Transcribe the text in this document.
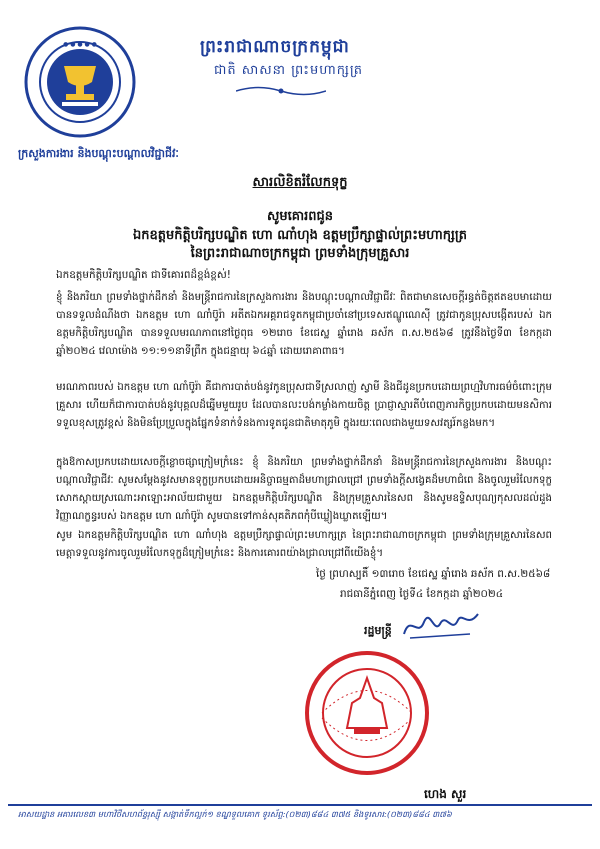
● ● ● ● ●	ព្រះរាជាណាចក្រកម្ពុជា
ជាតិ សាសនា ព្រះមហាក្សត្រ
ក្រសួងការងារ និងបណ្តុះបណ្តាលវិជ្ជាជីវៈ
សារលិខិតរំលែកទុក្ខ
សូមគោរពជូន
ឯកឧត្តមកិត្តិបរិក្សបណ្ឌិត ហោ ណាំហុង ឧត្តមប្រឹក្សាផ្ទាល់ព្រះមហាក្សត្រ
នៃព្រះរាជាណាចក្រកម្ពុជា ព្រមទាំងក្រុមគ្រួសារ
ឯកឧត្តមកិត្តិបរិក្សបណ្ឌិត ជាទីគោរពដ៏ខ្ពង់ខ្ពស់!
ខ្ញុំ និងភរិយា ព្រមទាំងថ្នាក់ដឹកនាំ និងមន្ត្រីរាជការនៃក្រសួងការងារ និងបណ្តុះបណ្តាលវិជ្ជាជីវៈ ពិតជាមានសេចក្តីរន្ធត់ចិត្តឥតឧបមាដោយបានទទួលដំណឹងថា ឯកឧត្តម ហោ ណាំប៊ូរ៉ា អតីតឯកអគ្គរាជទូតកម្ពុជាប្រចាំនៅប្រទេសឥណ្ឌូណេស៊ី ត្រូវជាកូនប្រុសបង្កើតរបស់ ឯកឧត្តមកិត្តិបរិក្សបណ្ឌិត បានទទួលមរណភាពនៅថ្ងៃពុធ ១២រោច ខែជេស្ឋ ឆ្នាំរោង ឆស័ក ព.ស.២៥៦៨ ត្រូវនឹងថ្ងៃទី៣ ខែកក្កដា ឆ្នាំ២០២៤ វេលាម៉ោង ១១:១១នាទីព្រឹក ក្នុងជន្មាយុ ៦៤ឆ្នាំ ដោយរោគាពាធ។
មរណភាពរបស់ ឯកឧត្តម ហោ ណាំប៊ូរ៉ា គឺជាការបាត់បង់នូវកូនប្រុសជាទីស្រលាញ់ ស្វាមី និងជីដូនប្រកបដោយព្រហ្មវិហារធម៌ចំពោះក្រុមគ្រួសារ ហើយក៏ជាការបាត់បង់នូវបុគ្គលដ៏ឆ្នើមមួយរូប ដែលបានលះបង់កម្លាំងកាយចិត្ត ប្រាជ្ញាស្មារតីបំពេញភារកិច្ចប្រកបដោយមនសិការទទួលខុសត្រូវខ្ពស់ និងមិនប្រែប្រួលក្នុងផ្នែកទំនាក់ទំនងការទូតជូនជាតិមាតុភូមិ ក្នុងរយៈពេលជាងមួយទសវត្សរ៍កន្លងមក។
ក្នុងឱកាសប្រកបដោយសេចក្តីខ្លោចផ្សាក្រៀមក្រំនេះ ខ្ញុំ និងភរិយា ព្រមទាំងថ្នាក់ដឹកនាំ និងមន្ត្រីរាជការនៃក្រសួងការងារ និងបណ្តុះបណ្តាលវិជ្ជាជីវៈ សូមសម្តែងនូវសមានទុក្ខប្រកបដោយអនិច្ចាធម្មតាដ៏មហាជ្រាលជ្រៅ ព្រមទាំងក្តីសង្វេគដ៏មហាជំពេ និងចូលរួមរំលែកទុក្ខសោកស្តាយស្រណោះអាឡោះអាល័យជាមួយ ឯកឧត្តមកិត្តិបរិក្សបណ្ឌិត និងក្រុមគ្រួសារនៃសព និងសូមឧទ្ទិសបុណ្យកុសលដល់ដួងវិញ្ញាណក្ខន្ធរបស់ ឯកឧត្តម ហោ ណាំប៊ូរ៉ា សូមបានទៅកាន់សុគតិភពកុំបីឃ្លៀងឃ្លាតឡើយ។
សូម ឯកឧត្តមកិត្តិបរិក្សបណ្ឌិត ហោ ណាំហុង ឧត្តមប្រឹក្សាផ្ទាល់ព្រះមហាក្សត្រ នៃព្រះរាជាណាចក្រកម្ពុជា ព្រមទាំងក្រុមគ្រួសារនៃសព មេត្តាទទួលនូវការចូលរួមរំលែកទុក្ខដ៏ក្រៀមក្រំនេះ និងការគោរពយ៉ាងជ្រាលជ្រៅពីយើងខ្ញុំ។
ថ្ងៃ ព្រហស្បតិ៍ ១៣រោច ខែជេស្ឋ ឆ្នាំរោង ឆស័ក ព.ស.២៥៦៨
រាជធានីភ្នំពេញ ថ្ងៃទី៤ ខែកក្កដា ឆ្នាំ២០២៤
រដ្ឋមន្ត្រី
ហេង សួរ
អាសយដ្ឋាន អគារលេខ៣ មហាវិថីសហព័ន្ធរុស្ស៊ី សង្កាត់ទឹកល្អក់១ ខណ្ឌទួលគោក ទូរស័ព្ទ:(០២៣)៨៨៤ ៣៧៥ និងទូរសារ:(០២៣)៨៨៤ ៣៧៦
